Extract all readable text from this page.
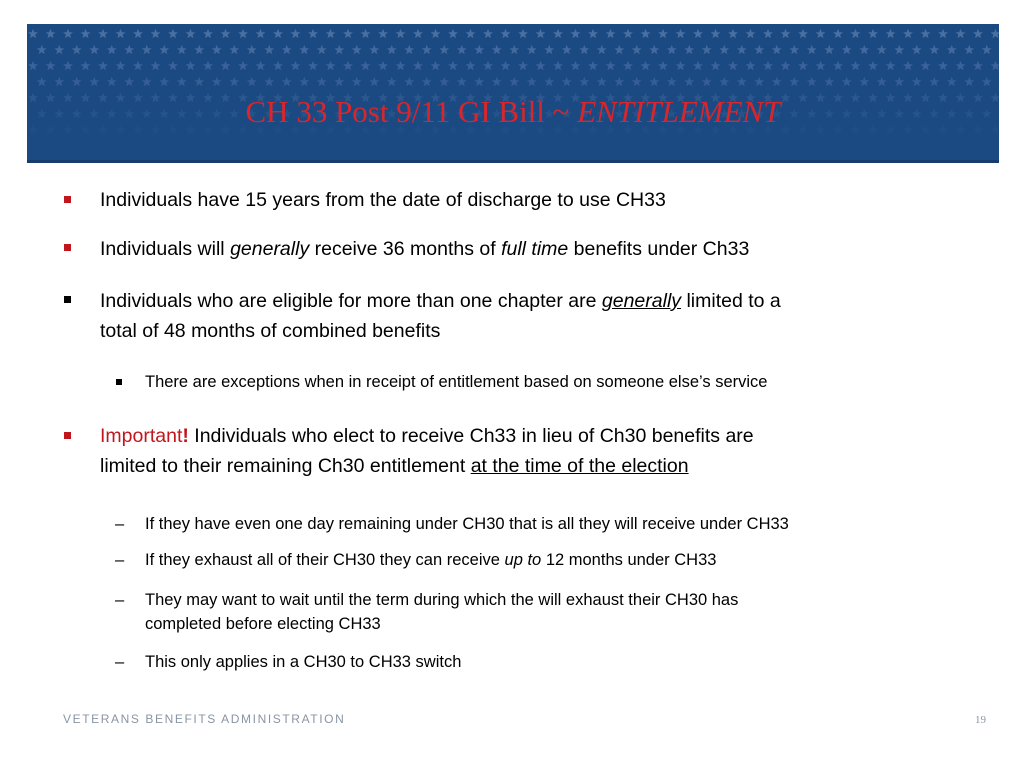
CH 33 Post 9/11 GI Bill ~ ENTITLEMENT
Individuals have 15 years from the date of discharge to use CH33
Individuals will generally receive 36 months of full time benefits under Ch33
Individuals who are eligible for more than one chapter are generally limited to a
total of 48 months of combined benefits
There are exceptions when in receipt of entitlement based on someone else’s service
Important! Individuals who elect to receive Ch33 in lieu of Ch30 benefits are
limited to their remaining Ch30 entitlement at the time of the election
– If they have even one day remaining under CH30 that is all they will receive under CH33
– If they exhaust all of their CH30 they can receive up to 12 months under CH33
– They may want to wait until the term during which the will exhaust their CH30 has
completed before electing CH33
– This only applies in a CH30 to CH33 switch
VETERANS BENEFITS ADMINISTRATION	19
